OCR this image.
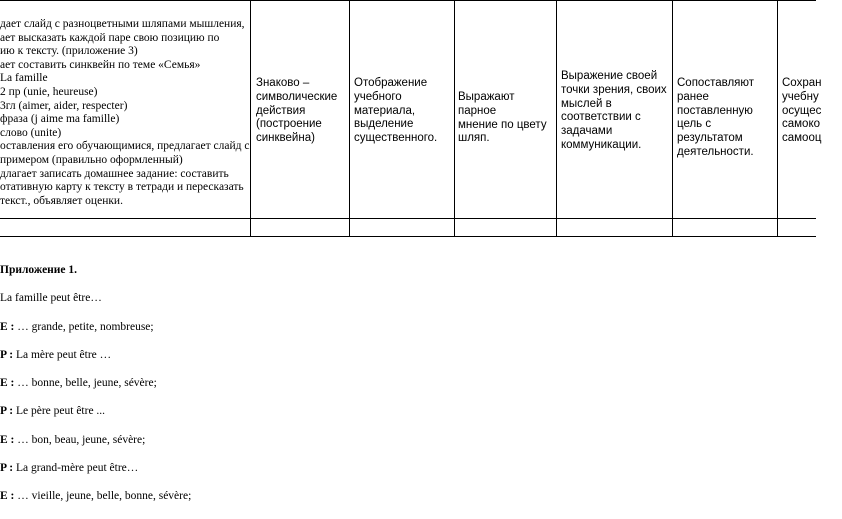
дает слайд с разноцветными шляпами мышления,
ает высказать каждой паре свою позицию по
ию к тексту. (приложение 3)
ает составить синквейн по теме «Семья»
La famille
2 пр (unie, heureuse)
3гл (aimer, aider, respecter)
фраза (j aime ma famille)
слово (unite)
оставления его обучающимися, предлагает слайд с
примером (правильно оформленный)
длагает записать домашнее задание: составить
отативную карту к тексту в тетради и пересказать
текст., объявляет оценки.
Знаково –
символические
действия
(построение
синквейна)
Отображение
учебного
материала,
выделение
существенного.
Выражают парное
мнение по цвету
шляп.
Выражение своей
точки зрения, своих
мыслей в
соответствии с
задачами
коммуникации.
Сопоставляют
ранее
поставленную
цель с результатом
деятельности.
Сохран
учебну
осущес
самоко
самооц
Приложение 1.
La famille peut être…
E : … grande, petite, nombreuse;
P : La mère peut être …
E : … bonne, belle, jeune, sévère;
P : Le père peut être ...
E : … bon, beau, jeune, sévère;
P : La grand-mère peut être…
E : … vieille, jeune, belle, bonne, sévère;
